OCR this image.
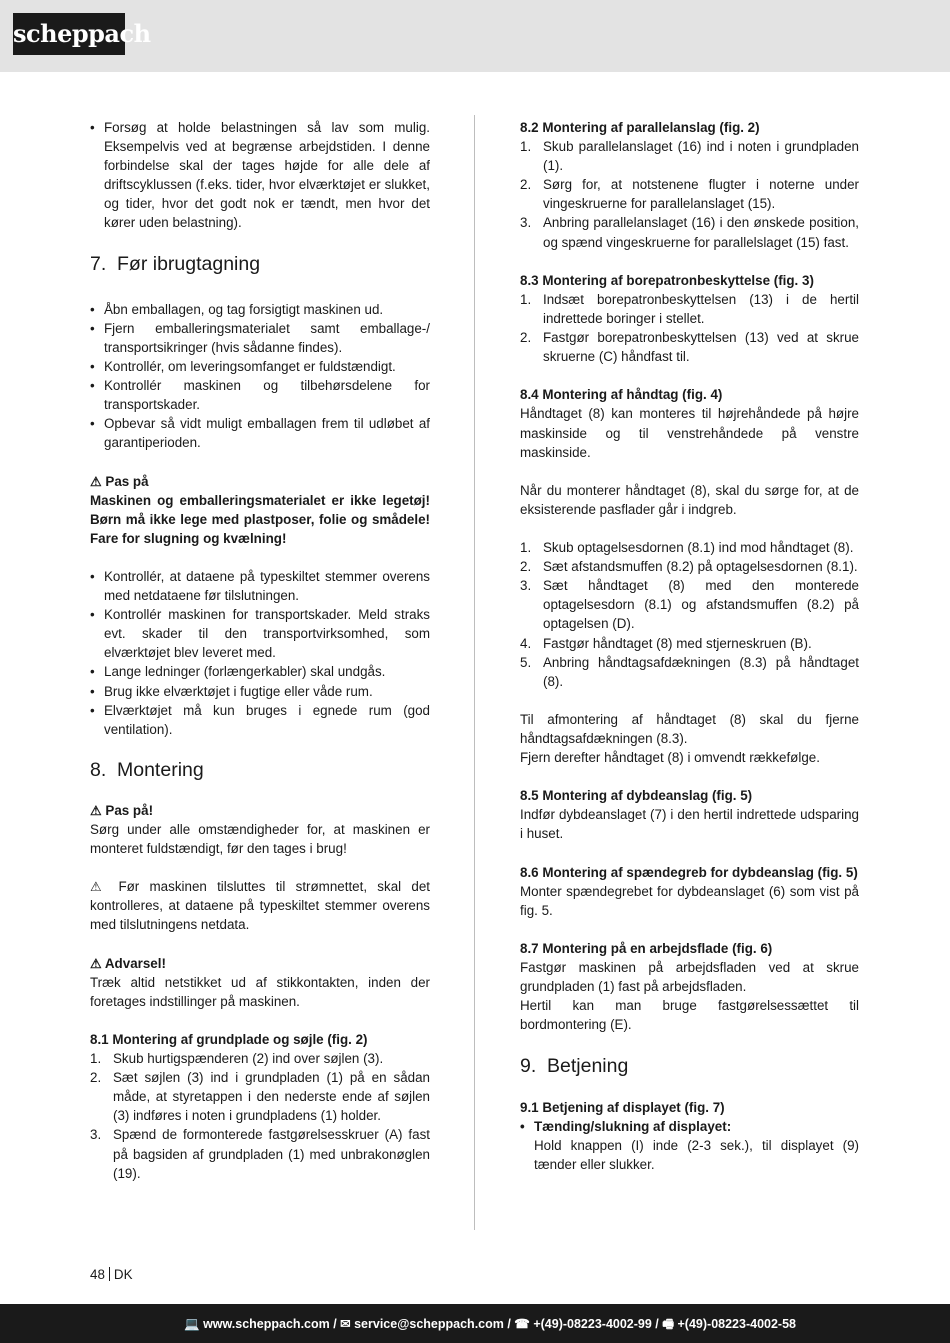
scheppach
• Forsøg at holde belastningen så lav som mulig. Eksempelvis ved at begrænse arbejdstiden. I denne forbindelse skal der tages højde for alle dele af driftscyklussen (f.eks. tider, hvor elværktøjet er slukket, og tider, hvor det godt nok er tændt, men hvor det kører uden belastning).
7. Før ibrugtagning
• Åbn emballagen, og tag forsigtigt maskinen ud.
• Fjern emballeringsmaterialet samt emballage-/ transportsikringer (hvis sådanne findes).
• Kontrollér, om leveringsomfanget er fuldstændigt.
• Kontrollér maskinen og tilbehørsdelene for transportskader.
• Opbevar så vidt muligt emballagen frem til udløbet af garantiperioden.

⚠ Pas på

Maskinen og emballeringsmaterialet er ikke legetøj! Børn må ikke lege med plastposer, folie og smådele! Fare for slugning og kvælning!

• Kontrollér, at dataene på typeskiltet stemmer overens med netdataene før tilslutningen.
• Kontrollér maskinen for transportskader. Meld straks evt. skader til den transportvirksomhed, som elværktøjet blev leveret med.
• Lange ledninger (forlængerkabler) skal undgås.
• Brug ikke elværktøjet i fugtige eller våde rum.
• Elværktøjet må kun bruges i egnede rum (god ventilation).
8. Montering

⚠ Pas på!

Sørg under alle omstændigheder for, at maskinen er monteret fuldstændigt, før den tages i brug!

⚠ Før maskinen tilsluttes til strømnettet, skal det kontrolleres, at dataene på typeskiltet stemmer overens med tilslutningens netdata.

⚠ Advarsel!

Træk altid netstikket ud af stikkontakten, inden der foretages indstillinger på maskinen.

8.1 Montering af grundplade og søjle (fig. 2)

1. Skub hurtigspænderen (2) ind over søjlen (3).
2. Sæt søjlen (3) ind i grundpladen (1) på en sådan måde, at styretappen i den nederste ende af søjlen (3) indføres i noten i grundpladens (1) holder.
3. Spænd de formonterede fastgørelsesskruer (A) fast på bagsiden af grundpladen (1) med unbrakonøglen (19).

8.2 Montering af parallelanslag (fig. 2)

1. Skub parallelanslaget (16) ind i noten i grundpladen (1).
2. Sørg for, at notstenene flugter i noterne under vingeskruerne for parallelanslaget (15).
3. Anbring parallelanslaget (16) i den ønskede position, og spænd vingeskruerne for parallelslaget (15) fast.

8.3 Montering af borepatronbeskyttelse (fig. 3)

1. Indsæt borepatronbeskyttelsen (13) i de hertil indrettede boringer i stellet.
2. Fastgør borepatronbeskyttelsen (13) ved at skrue skruerne (C) håndfast til.

8.4 Montering af håndtag (fig. 4)

Håndtaget (8) kan monteres til højrehåndede på højre maskinside og til venstrehåndede på venstre maskinside.

Når du monterer håndtaget (8), skal du sørge for, at de eksisterende pasflader går i indgreb.

1. Skub optagelsesdornen (8.1) ind mod håndtaget (8).
2. Sæt afstandsmuffen (8.2) på optagelsesdornen (8.1).
3. Sæt håndtaget (8) med den monterede optagelsesdorn (8.1) og afstandsmuffen (8.2) på optagelsen (D).
4. Fastgør håndtaget (8) med stjerneskruen (B).
5. Anbring håndtagsafdækningen (8.3) på håndtaget (8).

Til afmontering af håndtaget (8) skal du fjerne håndtagsafdækningen (8.3).

Fjern derefter håndtaget (8) i omvendt rækkefølge.

8.5 Montering af dybdeanslag (fig. 5)

Indfør dybdeanslaget (7) i den hertil indrettede udsparing i huset.

8.6 Montering af spændegreb for dybdeanslag (fig. 5)

Monter spændegrebet for dybdeanslaget (6) som vist på fig. 5.

8.7 Montering på en arbejdsflade (fig. 6)

Fastgør maskinen på arbejdsfladen ved at skrue grundpladen (1) fast på arbejdsfladen.

Hertil kan man bruge fastgørelsessættet til bordmontering (E).

9. Betjening

9.1 Betjening af displayet (fig. 7)

• Tænding/slukning af displayet:

Hold knappen (I) inde (2-3 sek.), til displayet (9) tænder eller slukker.

48 DK
💻 www.scheppach.com / ✉ service@scheppach.com / ☎ +(49)-08223-4002-99 / 🖷 +(49)-08223-4002-58
